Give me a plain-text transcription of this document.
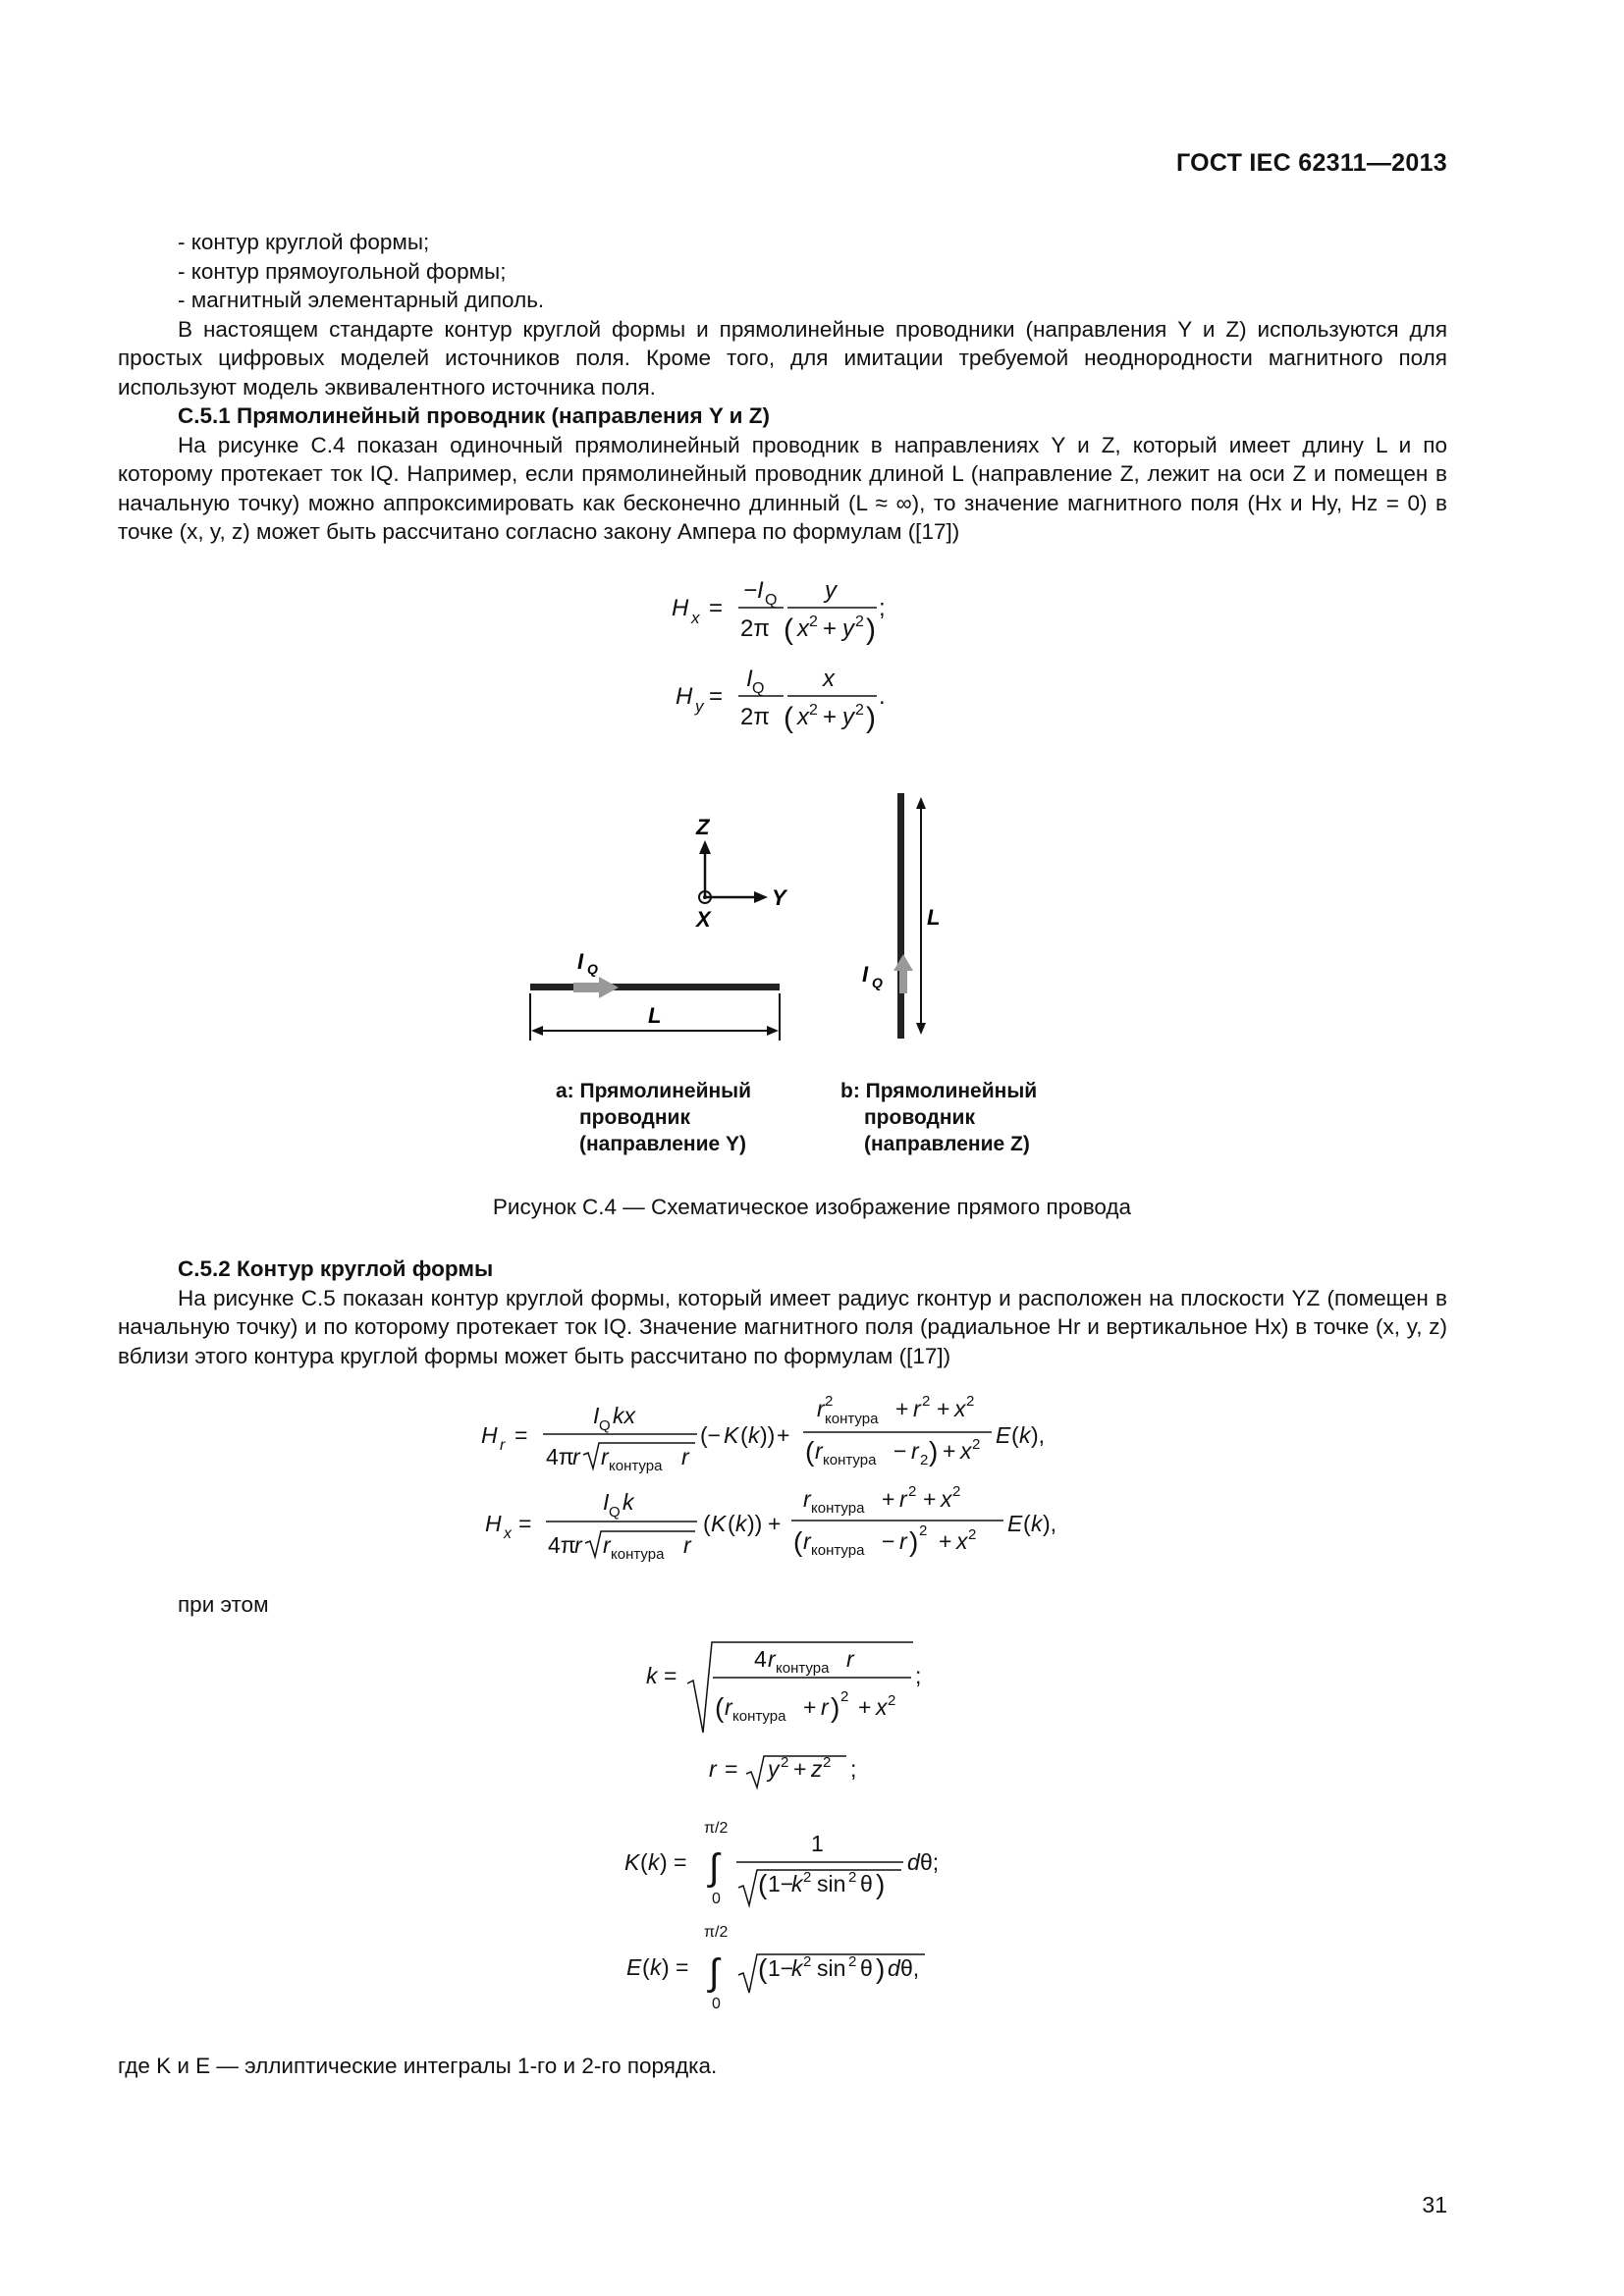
ГОСТ IEC 62311—2013

- контур круглой формы;

- контур прямоугольной формы;

- магнитный элементарный диполь.

В настоящем стандарте контур круглой формы и прямолинейные проводники (направления Y и Z) используются для простых цифровых моделей источников поля. Кроме того, для имитации требуемой неоднородности магнитного поля используют модель эквивалентного источника поля.

С.5.1 Прямолинейный проводник (направления Y и Z)

На рисунке С.4 показан одиночный прямолинейный проводник в направлениях Y и Z, который имеет длину L и по которому протекает ток IQ. Например, если прямолинейный проводник длиной L (направление Z, лежит на оси Z и помещен в начальную точку) можно аппроксимировать как бесконечно длинный (L ≈ ∞), то значение магнитного поля (Hx и Hy, Hz = 0) в точке (x, y, z) может быть рассчитано согласно закону Ампера по формулам ([17])

H x =
−I Q
2π
y
( x 2 + y 2 )
;
H y =
I Q
2π
x
( x 2 + y 2 )
.
Z
Y
X
I Q
L
I Q
L
a: Прямолинейный
проводник
(направление Y)
b: Прямолинейный
проводник
(направление Z)
Рисунок С.4 — Схематическое изображение прямого провода

С.5.2 Контур круглой формы

На рисунке С.5 показан контур круглой формы, который имеет радиус rконтур и расположен на плоскости YZ (помещен в начальную точку) и по которому протекает ток IQ. Значение магнитного поля (радиальное Hr и вертикальное Hx) в точке (x, y, z) вблизи этого контура круглой формы может быть рассчитано по формулам ([17])

H r =
I Q kx
4π
r r контура r
(− K ( k )) +
r 2
контура + r 2 + x 2
( r контура − r 2 ) + x 2 E ( k ),
H x =
I Q k
4π
r r контура r
( K ( k )) +
r контура + r 2 + x 2
( r контура − r ) 2 + x 2 E ( k ),

при этом

k =
4 r контура r
( r контура + r ) 2 + x 2
;
r = y 2 + z 2 ;
K ( k ) =
π/2
∫
0
1
( 1−
k 2 sin 2 θ )
d θ;
E ( k ) =
π/2
∫
0
( 1−
k 2 sin 2 θ ) d θ,

где K и E — эллиптические интегралы 1-го и 2-го порядка.

31
